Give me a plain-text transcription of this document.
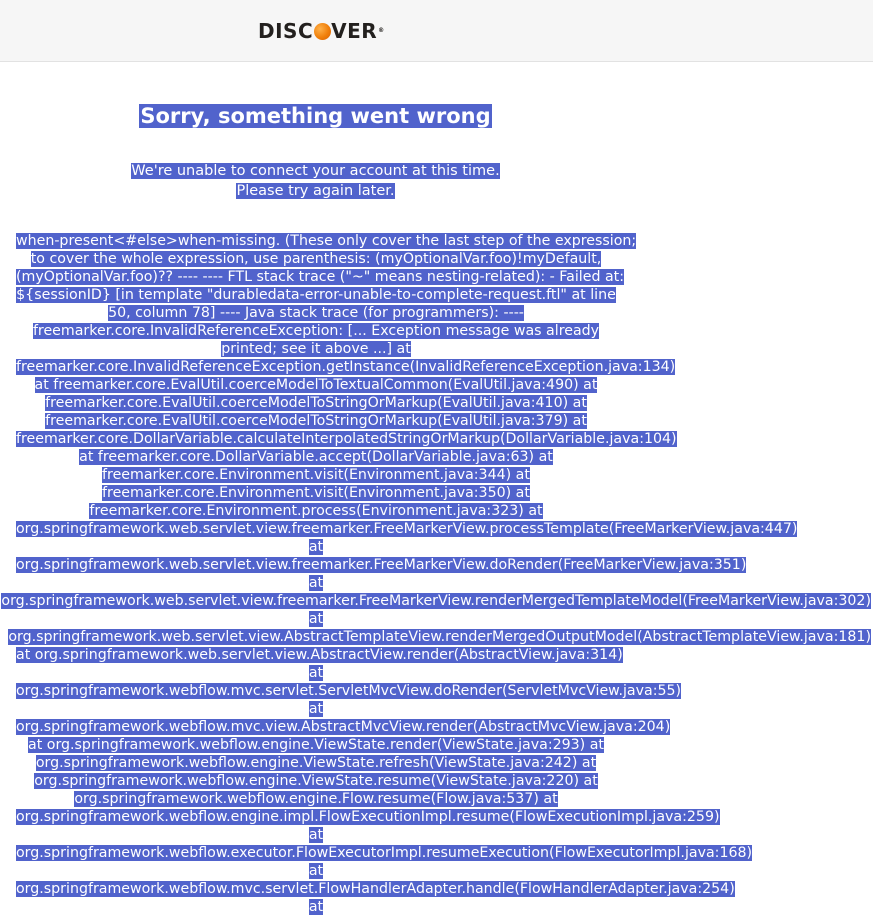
DISC VER®
Sorry, something went wrong
We're unable to connect your account at this time.
Please try again later.
when-present<#else>when-missing. (These only cover the last step of the expression;
to cover the whole expression, use parenthesis: (myOptionalVar.foo)!myDefault,
(myOptionalVar.foo)?? ---- ---- FTL stack trace ("~" means nesting-related): - Failed at:
${sessionID} [in template "durabledata-error-unable-to-complete-request.ftl" at line
50, column 78] ---- Java stack trace (for programmers): ----
freemarker.core.InvalidReferenceException: [... Exception message was already
printed; see it above ...] at
freemarker.core.InvalidReferenceException.getInstance(InvalidReferenceException.java:134)
at freemarker.core.EvalUtil.coerceModelToTextualCommon(EvalUtil.java:490) at
freemarker.core.EvalUtil.coerceModelToStringOrMarkup(EvalUtil.java:410) at
freemarker.core.EvalUtil.coerceModelToStringOrMarkup(EvalUtil.java:379) at
freemarker.core.DollarVariable.calculateInterpolatedStringOrMarkup(DollarVariable.java:104)
at freemarker.core.DollarVariable.accept(DollarVariable.java:63) at
freemarker.core.Environment.visit(Environment.java:344) at
freemarker.core.Environment.visit(Environment.java:350) at
freemarker.core.Environment.process(Environment.java:323) at
org.springframework.web.servlet.view.freemarker.FreeMarkerView.processTemplate(FreeMarkerView.java:447)
at
org.springframework.web.servlet.view.freemarker.FreeMarkerView.doRender(FreeMarkerView.java:351)
at
org.springframework.web.servlet.view.freemarker.FreeMarkerView.renderMergedTemplateModel(FreeMarkerView.java:302)
at
org.springframework.web.servlet.view.AbstractTemplateView.renderMergedOutputModel(AbstractTemplateView.java:181)
at org.springframework.web.servlet.view.AbstractView.render(AbstractView.java:314)
at
org.springframework.webflow.mvc.servlet.ServletMvcView.doRender(ServletMvcView.java:55)
at
org.springframework.webflow.mvc.view.AbstractMvcView.render(AbstractMvcView.java:204)
at org.springframework.webflow.engine.ViewState.render(ViewState.java:293) at
org.springframework.webflow.engine.ViewState.refresh(ViewState.java:242) at
org.springframework.webflow.engine.ViewState.resume(ViewState.java:220) at
org.springframework.webflow.engine.Flow.resume(Flow.java:537) at
org.springframework.webflow.engine.impl.FlowExecutionImpl.resume(FlowExecutionImpl.java:259)
at
org.springframework.webflow.executor.FlowExecutorImpl.resumeExecution(FlowExecutorImpl.java:168)
at
org.springframework.webflow.mvc.servlet.FlowHandlerAdapter.handle(FlowHandlerAdapter.java:254)
at
